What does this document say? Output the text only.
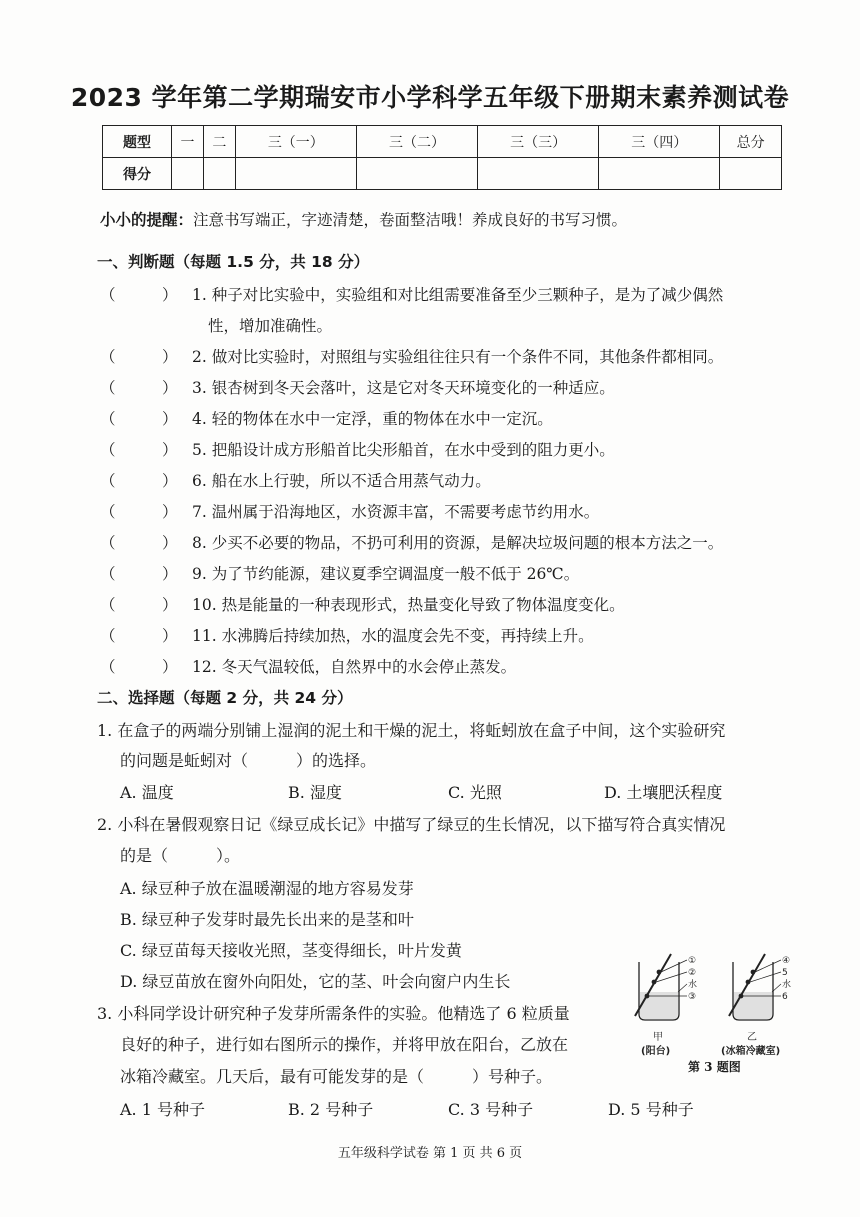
2023 学年第二学期瑞安市小学科学五年级下册期末素养测试卷
题型	一	二	三（一）	三（二）	三（三）	三（四）	总分
得分							
小小的提醒：注意书写端正，字迹清楚，卷面整洁哦！养成良好的书写习惯。
一、判断题（每题 1.5 分，共 18 分）
（　　　） 1. 种子对比实验中，实验组和对比组需要准备至少三颗种子，是为了减少偶然
性，增加准确性。
（　　　） 2. 做对比实验时，对照组与实验组往往只有一个条件不同，其他条件都相同。
（　　　） 3. 银杏树到冬天会落叶，这是它对冬天环境变化的一种适应。
（　　　） 4. 轻的物体在水中一定浮，重的物体在水中一定沉。
（　　　） 5. 把船设计成方形船首比尖形船首，在水中受到的阻力更小。
（　　　） 6. 船在水上行驶，所以不适合用蒸气动力。
（　　　） 7. 温州属于沿海地区，水资源丰富，不需要考虑节约用水。
（　　　） 8. 少买不必要的物品，不扔可利用的资源，是解决垃圾问题的根本方法之一。
（　　　） 9. 为了节约能源，建议夏季空调温度一般不低于 26℃。
（　　　） 10. 热是能量的一种表现形式，热量变化导致了物体温度变化。
（　　　） 11. 水沸腾后持续加热，水的温度会先不变，再持续上升。
（　　　） 12. 冬天气温较低，自然界中的水会停止蒸发。
二、选择题（每题 2 分，共 24 分）
1. 在盒子的两端分别铺上湿润的泥土和干燥的泥土，将蚯蚓放在盒子中间，这个实验研究
的问题是蚯蚓对（　　　）的选择。
A. 温度	B. 湿度	C. 光照	D. 土壤肥沃程度
2. 小科在暑假观察日记《绿豆成长记》中描写了绿豆的生长情况，以下描写符合真实情况
的是（　　　）。
A. 绿豆种子放在温暖潮湿的地方容易发芽
B. 绿豆种子发芽时最先长出来的是茎和叶
C. 绿豆苗每天接收光照，茎变得细长，叶片发黄
D. 绿豆苗放在窗外向阳处，它的茎、叶会向窗户内生长
3. 小科同学设计研究种子发芽所需条件的实验。他精选了 6 粒质量
良好的种子，进行如右图所示的操作，并将甲放在阳台，乙放在
冰箱冷藏室。几天后，最有可能发芽的是（　　　）号种子。
A. 1 号种子	B. 2 号种子	C. 3 号种子	D. 5 号种子
①
②
水
③
甲
(阳台)
④
5
水
6
乙
(冰箱冷藏室)
第 3 题图
五年级科学试卷 第 1 页 共 6 页
